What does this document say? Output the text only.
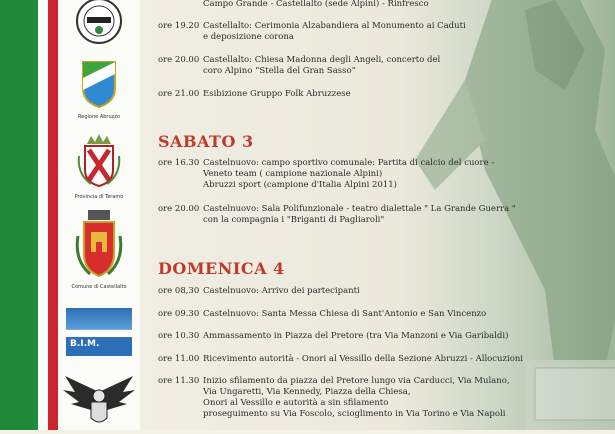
Regione Abruzzo
Provincia di Teramo
Comune di Castellalto
B.I.M.
Campo Grande - Castellalto (sede Alpini) - Rinfresco
ore 19.20 Castellalto: Cerimonia Alzabandiera al Monumento ai Caduti
e deposizione corona
ore 20.00 Castellalto: Chiesa Madonna degli Angeli, concerto del
coro Alpino “Stella del Gran Sasso”
ore 21.00 Esibizione Gruppo Folk Abruzzese
SABATO 3
ore 16.30 Castelnuovo: campo sportivo comunale: Partita di calcio del cuore -
Veneto team ( campione nazionale Alpini)
Abruzzi sport (campione d'Italia Alpini 2011)
ore 20.00 Castelnuovo: Sala Polifunzionale - teatro dialettale " La Grande Guerra "
con la compagnia i "Briganti di Pagliaroli"
DOMENICA 4
ore 08,30 Castelnuovo: Arrivo dei partecipanti
ore 09.30 Castelnuovo: Santa Messa Chiesa di Sant'Antonio e San Vincenzo
ore 10.30 Ammassamento in Piazza del Pretore (tra Via Manzoni e Via Garibaldi)
ore 11.00 Ricevimento autorità - Onori al Vessillo della Sezione Abruzzi - Allocuzioni
ore 11.30 Inizio sfilamento da piazza del Pretore lungo via Carducci, Via Mulano,
Via Ungaretti, Via Kennedy, Piazza della Chiesa,
Onori al Vessillo e autorità a sin sfilamento
proseguimento su Via Foscolo, scioglimento in Via Torino e Via Napoli
